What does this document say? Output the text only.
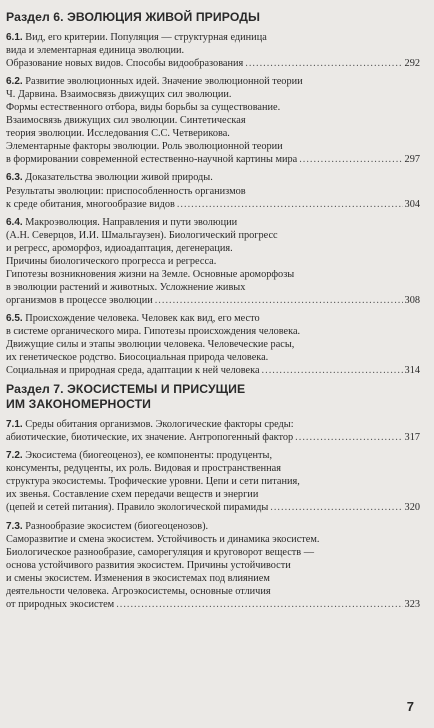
Раздел 6. ЭВОЛЮЦИЯ ЖИВОЙ ПРИРОДЫ
6.1. Вид, его критерии. Популяция — структурная единица
вида и элементарная единица эволюции.
Образование новых видов. Способы видообразования .....	292
6.2. Развитие эволюционных идей. Значение эволюционной теории
Ч. Дарвина. Взаимосвязь движущих сил эволюции.
Формы естественного отбора, виды борьбы за существование.
Взаимосвязь движущих сил эволюции. Синтетическая
теория эволюции. Исследования С.С. Четверикова.
Элементарные факторы эволюции. Роль эволюционной теории
в формировании современной естественно-научной картины мира .....	297
6.3. Доказательства эволюции живой природы.
Результаты эволюции: приспособленность организмов
к среде обитания, многообразие видов .....	304
6.4. Макроэволюция. Направления и пути эволюции
(А.Н. Северцов, И.И. Шмальгаузен). Биологический прогресс
и регресс, ароморфоз, идиоадаптация, дегенерация.
Причины биологического прогресса и регресса.
Гипотезы возникновения жизни на Земле. Основные ароморфозы
в эволюции растений и животных. Усложнение живых
организмов в процессе эволюции .....	308
6.5. Происхождение человека. Человек как вид, его место
в системе органического мира. Гипотезы происхождения человека.
Движущие силы и этапы эволюции человека. Человеческие расы,
их генетическое родство. Биосоциальная природа человека.
Социальная и природная среда, адаптации к ней человека .....	314
Раздел 7. ЭКОСИСТЕМЫ И ПРИСУЩИЕ
ИМ ЗАКОНОМЕРНОСТИ
7.1. Среды обитания организмов. Экологические факторы среды:
абиотические, биотические, их значение. Антропогенный фактор .....	317
7.2. Экосистема (биогеоценоз), ее компоненты: продуценты,
консументы, редуценты, их роль. Видовая и пространственная
структура экосистемы. Трофические уровни. Цепи и сети питания,
их звенья. Составление схем передачи веществ и энергии
(цепей и сетей питания). Правило экологической пирамиды .....	320
7.3. Разнообразие экосистем (биогеоценозов).
Саморазвитие и смена экосистем. Устойчивость и динамика экосистем.
Биологическое разнообразие, саморегуляция и круговорот веществ —
основа устойчивого развития экосистем. Причины устойчивости
и смены экосистем. Изменения в экосистемах под влиянием
деятельности человека. Агроэкосистемы, основные отличия
от природных экосистем .....	323
7
